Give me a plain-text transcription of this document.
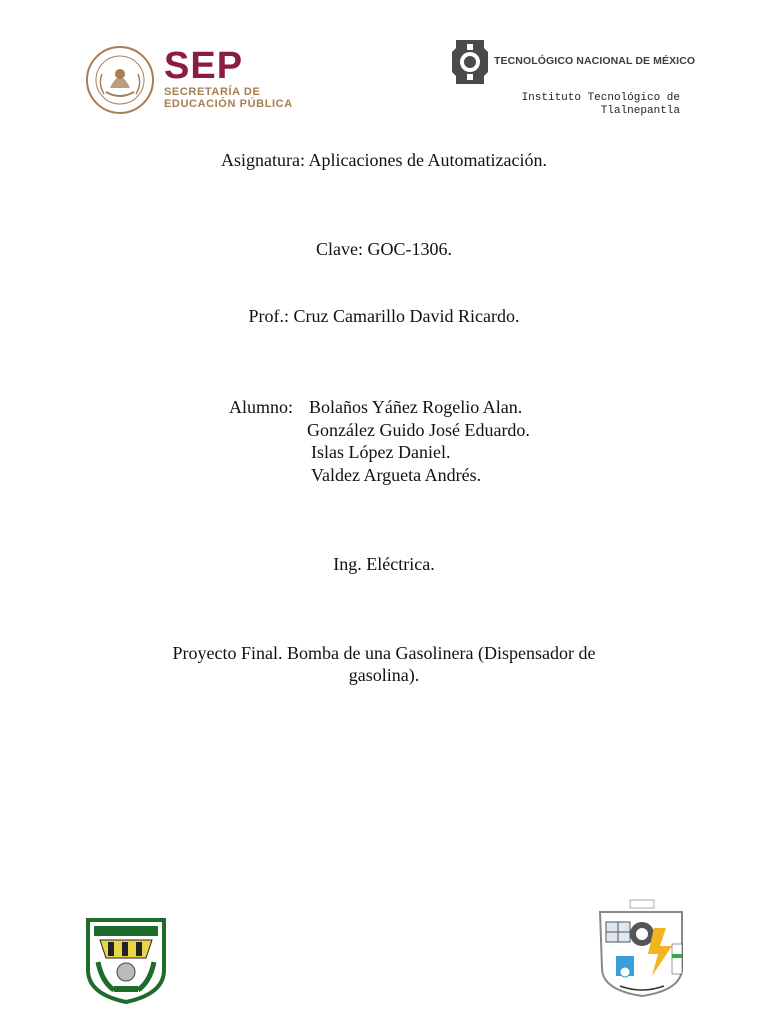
SEP
SECRETARÍA DE
EDUCACIÓN PÚBLICA
TECNOLÓGICO NACIONAL DE MÉXICO
Instituto Tecnológico de
Tlalnepantla
Asignatura: Aplicaciones de Automatización.
Clave: GOC-1306.
Prof.: Cruz Camarillo David Ricardo.
Alumno: Bolaños Yáñez Rogelio Alan.
González Guido José Eduardo.
Islas López Daniel.
Valdez Argueta Andrés.
Ing. Eléctrica.
Proyecto Final. Bomba de una Gasolinera (Dispensador de
gasolina).
